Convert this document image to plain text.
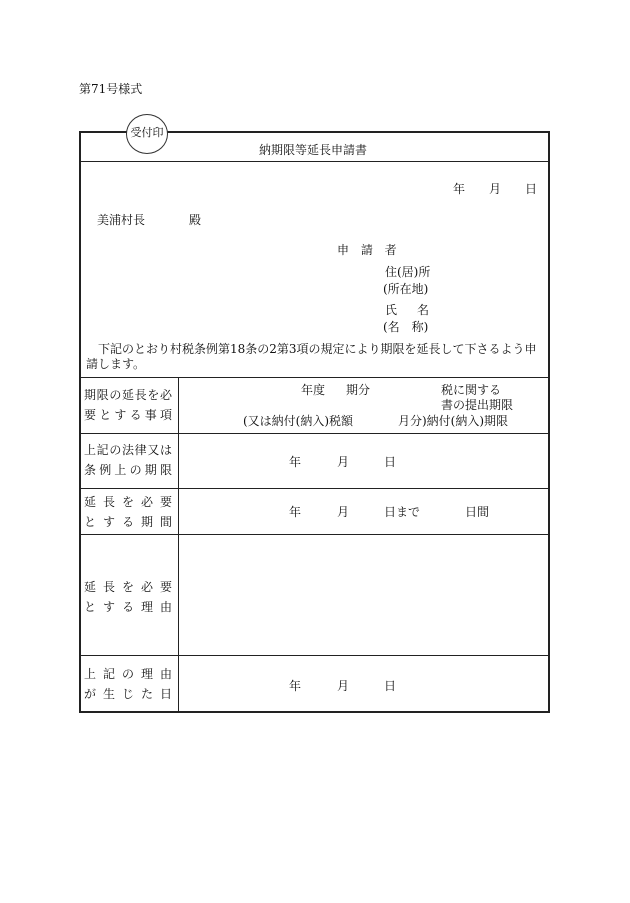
第71号様式
受付印
納期限等延長申請書
年 月 日
美浦村長	殿
申 請 者
住(居)所
(所在地)
氏　名
(名　称)
下記のとおり村税条例第18条の2第3項の規定により期限を延長して下さるよう申請します。
期限の延長を必
要とする事項
年度 期分	税に関する
書の提出期限
(又は納付(納入)税額	月分)納付(納入)期限
上記の法律又は
条例上の期限
年	月	日
延長を必要
とする期間
年	月	日まで	日間
延長を必要
とする理由
上記の理由
が生じた日
年	月	日
